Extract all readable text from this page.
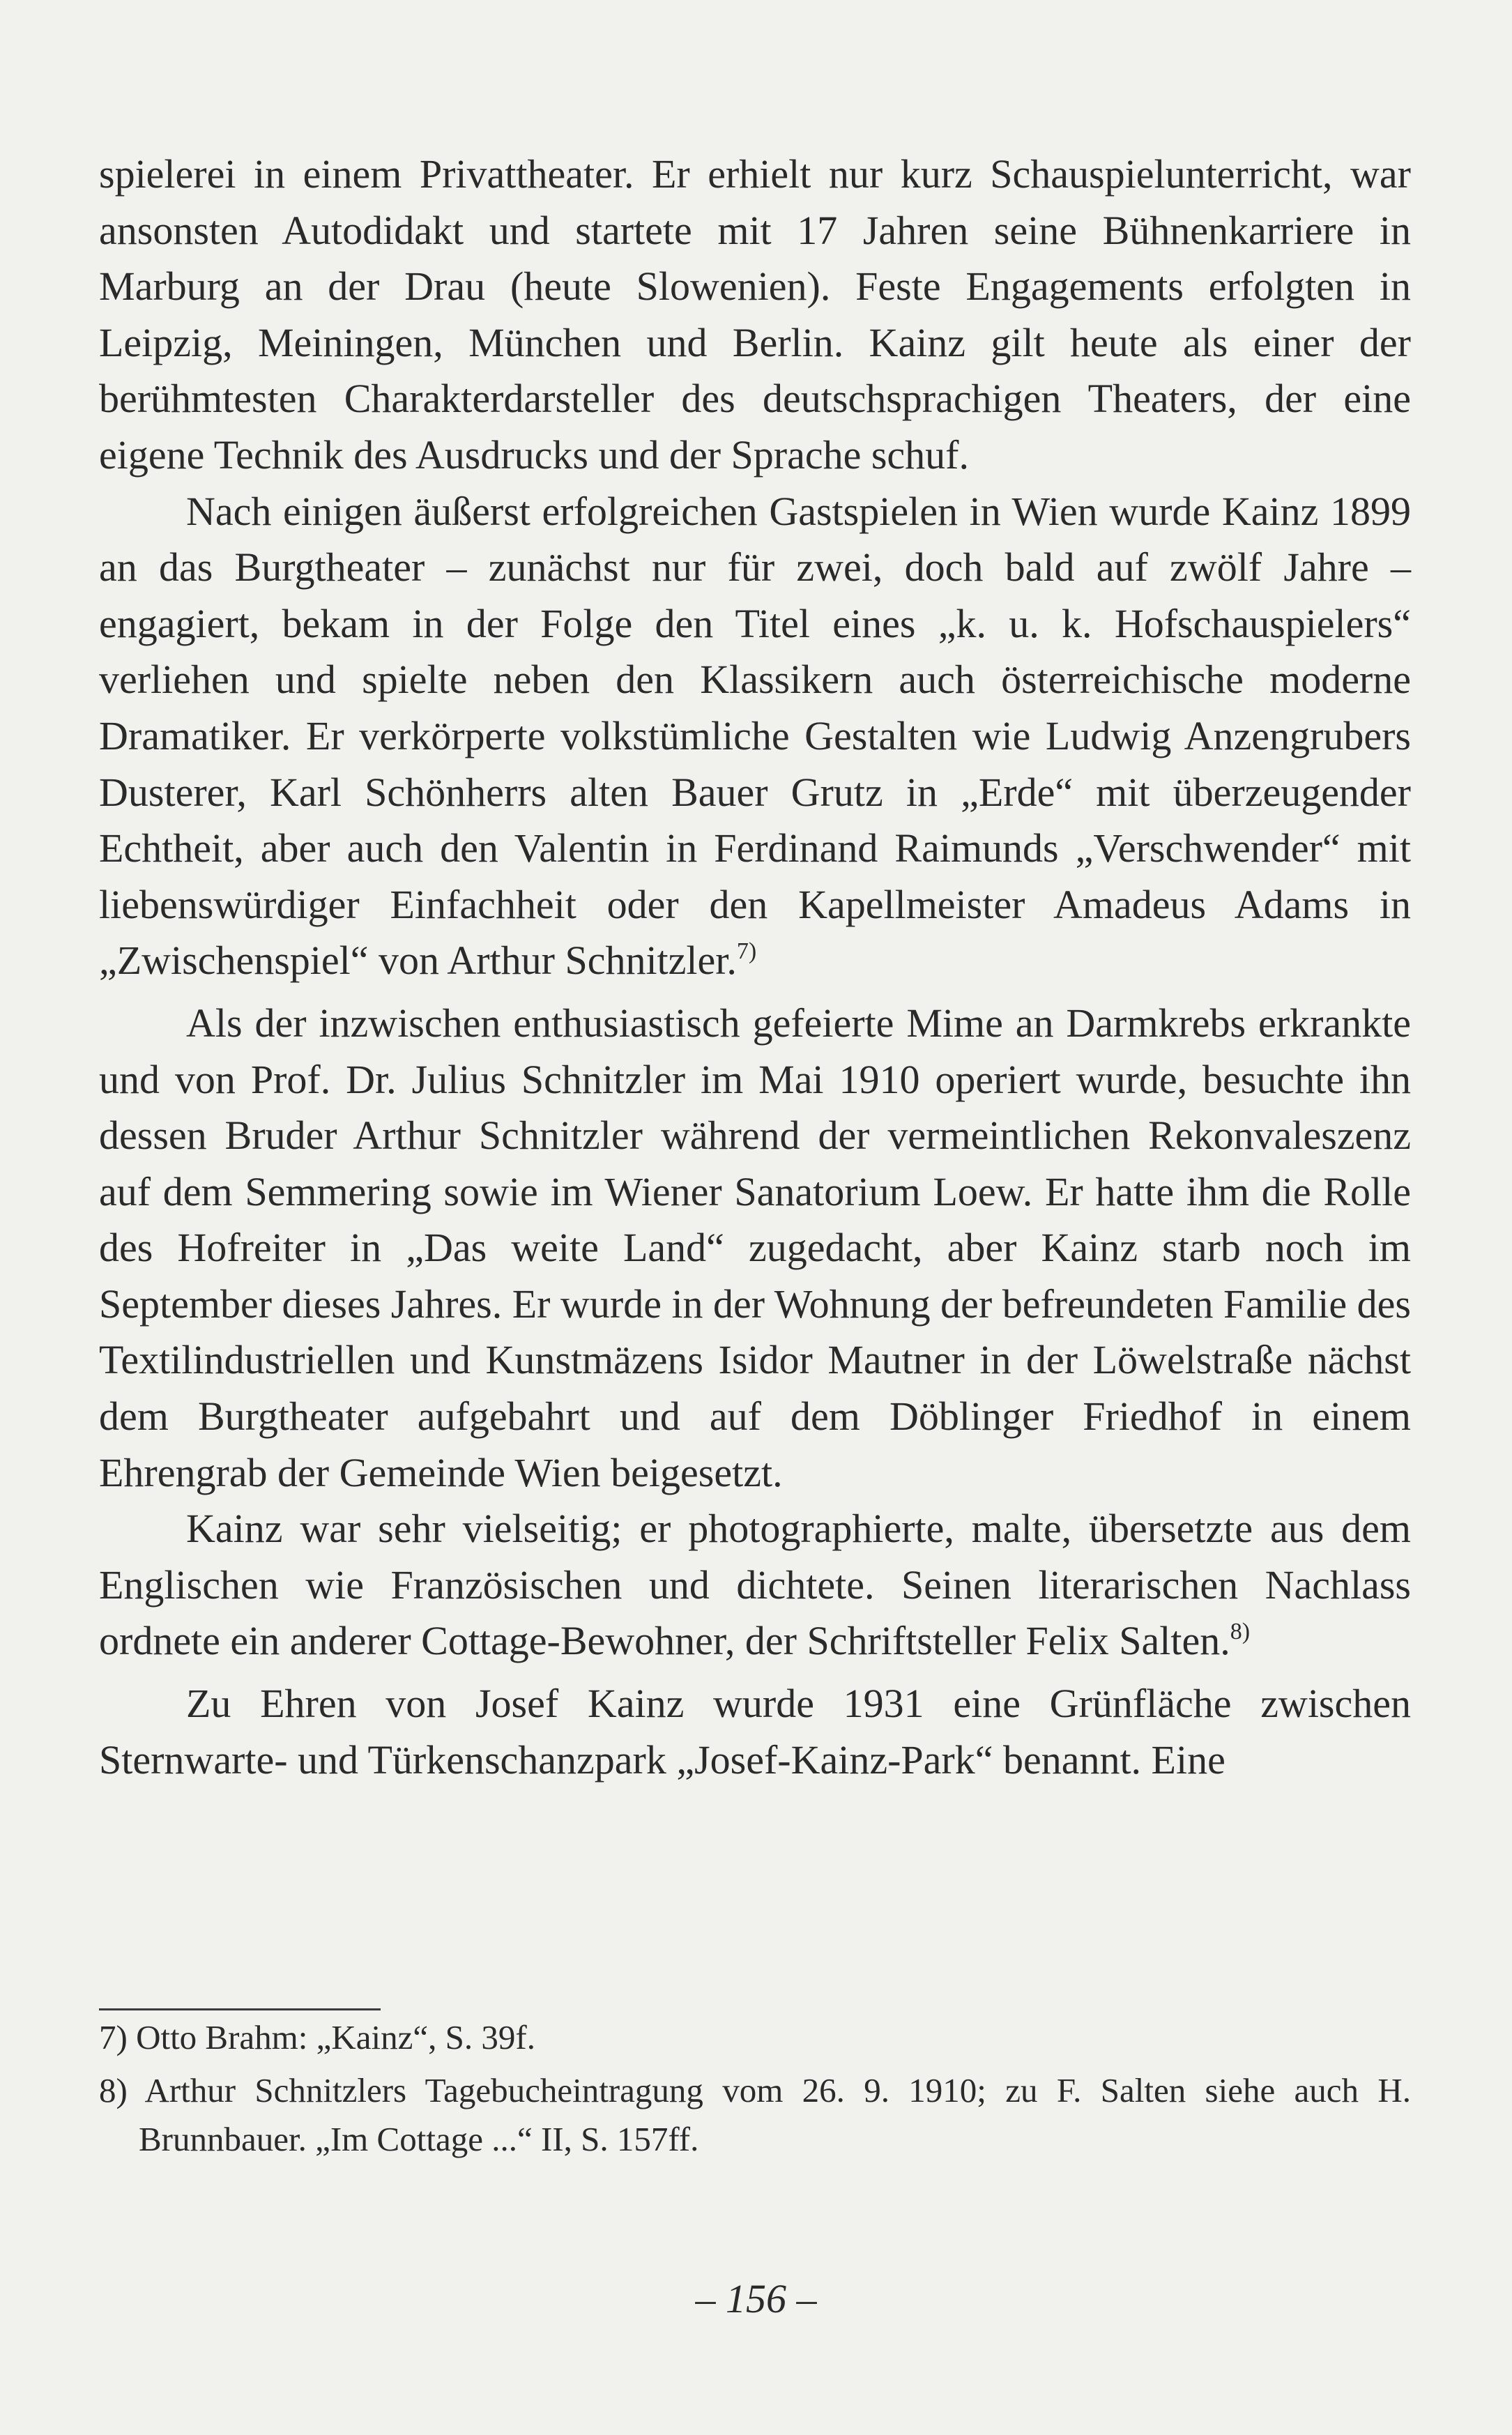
spielerei in einem Privattheater. Er erhielt nur kurz Schauspielunterricht, war ansonsten Autodidakt und startete mit 17 Jahren seine Bühnenkarriere in Marburg an der Drau (heute Slowenien). Feste Engagements erfolgten in Leipzig, Meiningen, München und Berlin. Kainz gilt heute als einer der berühmtesten Charakterdarsteller des deutschsprachigen Theaters, der eine eigene Technik des Ausdrucks und der Sprache schuf.

Nach einigen äußerst erfolgreichen Gastspielen in Wien wurde Kainz 1899 an das Burgtheater – zunächst nur für zwei, doch bald auf zwölf Jahre – engagiert, bekam in der Folge den Titel eines „k. u. k. Hofschauspielers“ verliehen und spielte neben den Klassikern auch österreichische moderne Dramatiker. Er verkörperte volkstümliche Gestalten wie Ludwig Anzengrubers Dusterer, Karl Schönherrs alten Bauer Grutz in „Erde“ mit überzeugender Echtheit, aber auch den Valentin in Ferdinand Raimunds „Verschwender“ mit liebenswürdiger Einfachheit oder den Kapellmeister Amadeus Adams in „Zwischenspiel“ von Arthur Schnitzler.$^{7)}$

Als der inzwischen enthusiastisch gefeierte Mime an Darmkrebs erkrankte und von Prof. Dr. Julius Schnitzler im Mai 1910 operiert wurde, besuchte ihn dessen Bruder Arthur Schnitzler während der vermeintlichen Rekonvaleszenz auf dem Semmering sowie im Wiener Sanatorium Loew. Er hatte ihm die Rolle des Hofreiter in „Das weite Land“ zugedacht, aber Kainz starb noch im September dieses Jahres. Er wurde in der Wohnung der befreundeten Familie des Textilindustriellen und Kunstmäzens Isidor Mautner in der Löwelstraße nächst dem Burgtheater aufgebahrt und auf dem Döblinger Friedhof in einem Ehrengrab der Gemeinde Wien beigesetzt.

Kainz war sehr vielseitig; er photographierte, malte, übersetzte aus dem Englischen wie Französischen und dichtete. Seinen literarischen Nachlass ordnete ein anderer Cottage-Bewohner, der Schriftsteller Felix Salten.$^{8)}$

Zu Ehren von Josef Kainz wurde 1931 eine Grünfläche zwischen Sternwarte- und Türkenschanzpark „Josef-Kainz-Park“ benannt. Eine

7) Otto Brahm: „Kainz“, S. 39f.

8) Arthur Schnitzlers Tagebucheintragung vom 26. 9. 1910; zu F. Salten siehe auch H. Brunnbauer. „Im Cottage ...“ II, S. 157ff.

– 156 –
